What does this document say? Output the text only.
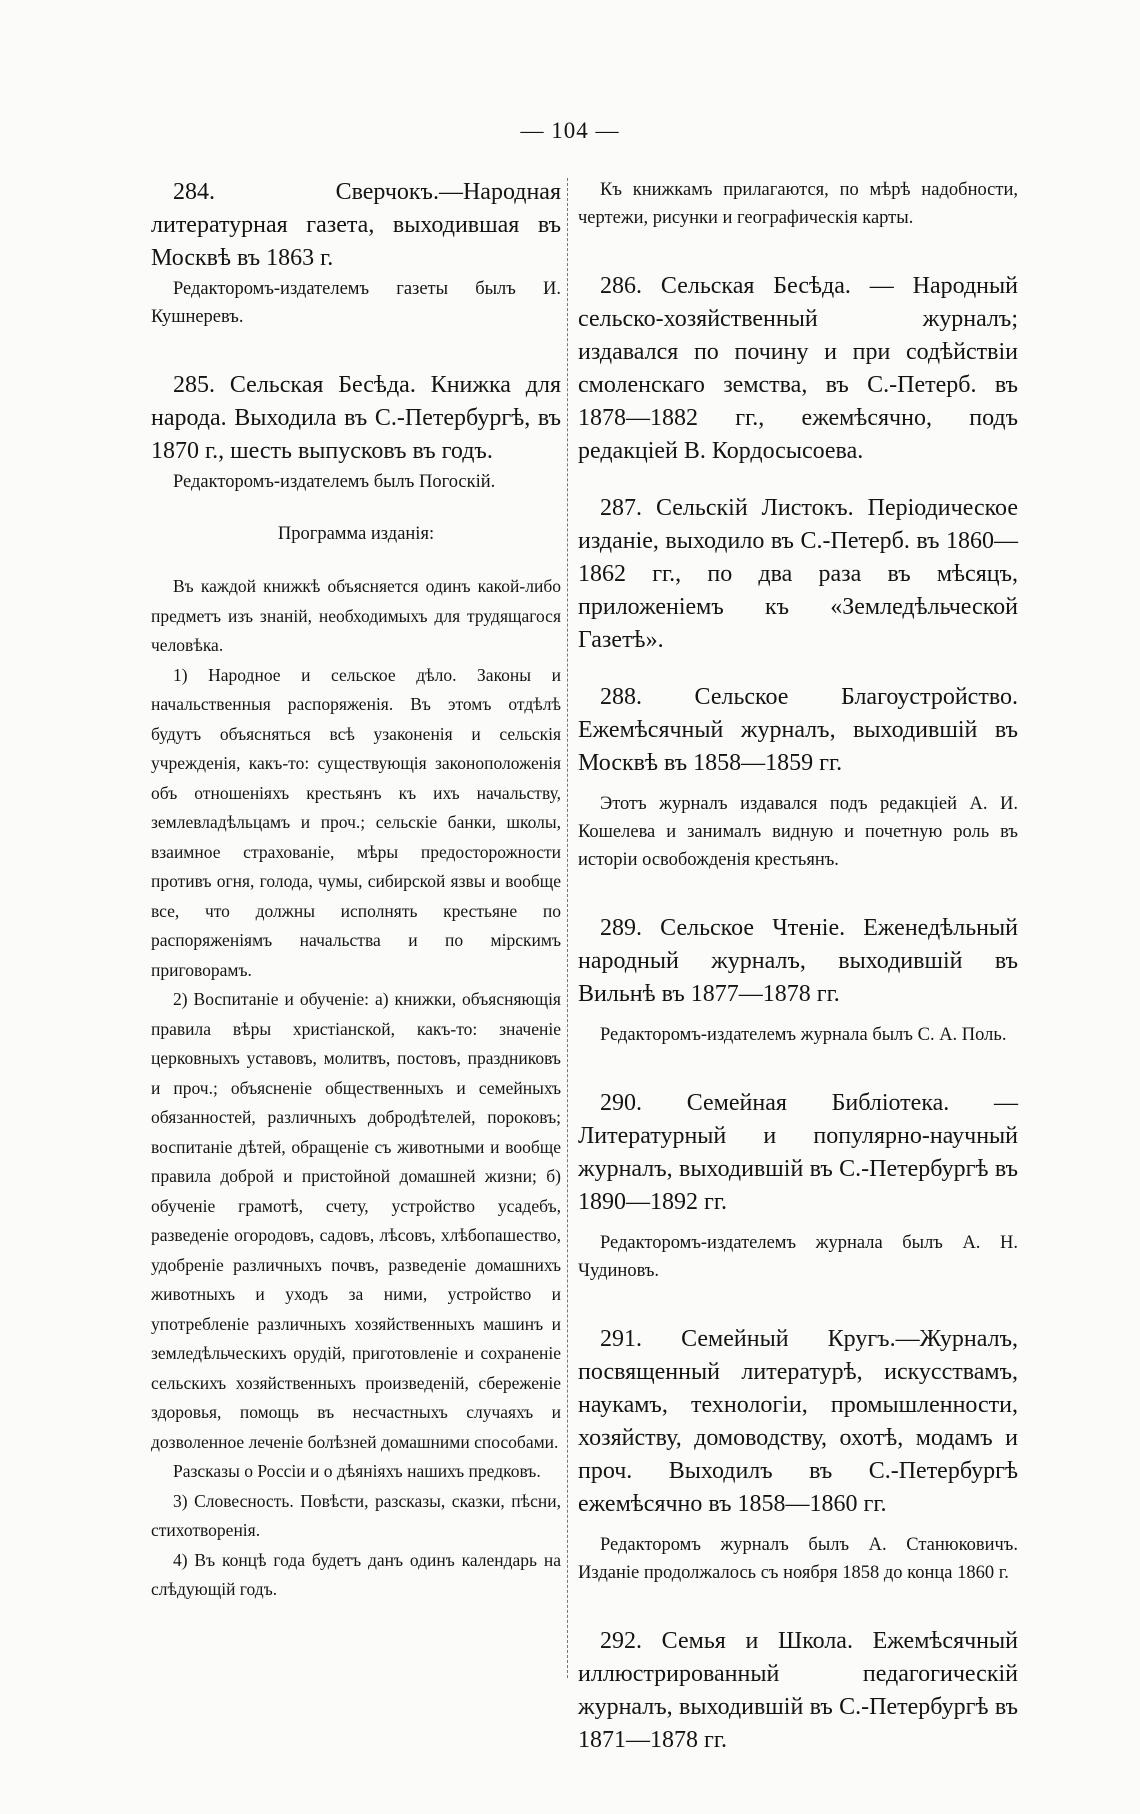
— 104 —

284. Сверчокъ.—Народная литературная газета, выходившая въ Москвѣ въ 1863 г.

Редакторомъ-издателемъ газеты былъ И. Кушнеревъ.

285. Сельская Бесѣда. Книжка для народа. Выходила въ С.-Петербургѣ, въ 1870 г., шесть выпусковъ въ годъ.

Редакторомъ-издателемъ былъ Погоскій.

Программа изданія:

Въ каждой книжкѣ объясняется одинъ какой-либо предметъ изъ знаній, необходимыхъ для трудящагося человѣка.

1) Народное и сельское дѣло. Законы и начальственныя распоряженія. Въ этомъ отдѣлѣ будутъ объясняться всѣ узаконенія и сельскія учрежденія, какъ-то: существующія законоположенія объ отношеніяхъ крестьянъ къ ихъ начальству, землевладѣльцамъ и проч.; сельскіе банки, школы, взаимное страхованіе, мѣры предосторожности противъ огня, голода, чумы, сибирской язвы и вообще все, что должны исполнять крестьяне по распоряженіямъ начальства и по мірскимъ приговорамъ.

2) Воспитаніе и обученіе: а) книжки, объясняющія правила вѣры христіанской, какъ-то: значеніе церковныхъ уставовъ, молитвъ, постовъ, праздниковъ и проч.; объясненіе общественныхъ и семейныхъ обязанностей, различныхъ добродѣтелей, пороковъ; воспитаніе дѣтей, обращеніе съ животными и вообще правила доброй и пристойной домашней жизни; б) обученіе грамотѣ, счету, устройство усадебъ, разведеніе огородовъ, садовъ, лѣсовъ, хлѣбопашество, удобреніе различныхъ почвъ, разведеніе домашнихъ животныхъ и уходъ за ними, устройство и употребленіе различныхъ хозяйственныхъ машинъ и земледѣльческихъ орудій, приготовленіе и сохраненіе сельскихъ хозяйственныхъ произведеній, сбереженіе здоровья, помощь въ несчастныхъ случаяхъ и дозволенное леченіе болѣзней домашними способами.

Разсказы о Россіи и о дѣяніяхъ нашихъ предковъ.

3) Словесность. Повѣсти, разсказы, сказки, пѣсни, стихотворенія.

4) Въ концѣ года будетъ данъ одинъ календарь на слѣдующій годъ.

Къ книжкамъ прилагаются, по мѣрѣ надобности, чертежи, рисунки и географическія карты.

286. Сельская Бесѣда. — Народный сельско-хозяйственный журналъ; издавался по почину и при содѣйствіи смоленскаго земства, въ С.-Петерб. въ 1878—1882 гг., ежемѣсячно, подъ редакціей В. Кордосысоева.

287. Сельскій Листокъ. Періодическое изданіе, выходило въ С.-Петерб. въ 1860—1862 гг., по два раза въ мѣсяцъ, приложеніемъ къ «Земледѣльческой Газетѣ».

288. Сельское Благоустройство. Ежемѣсячный журналъ, выходившій въ Москвѣ въ 1858—1859 гг.

Этотъ журналъ издавался подъ редакціей А. И. Кошелева и занималъ видную и почетную роль въ исторіи освобожденія крестьянъ.

289. Сельское Чтеніе. Еженедѣльный народный журналъ, выходившій въ Вильнѣ въ 1877—1878 гг.

Редакторомъ-издателемъ журнала былъ С. А. Поль.

290. Семейная Библіотека. — Литературный и популярно-научный журналъ, выходившій въ С.-Петербургѣ въ 1890—1892 гг.

Редакторомъ-издателемъ журнала былъ А. Н. Чудиновъ.

291. Семейный Кругъ.—Журналъ, посвященный литературѣ, искусствамъ, наукамъ, технологіи, промышленности, хозяйству, домоводству, охотѣ, модамъ и проч. Выходилъ въ С.-Петербургѣ ежемѣсячно въ 1858—1860 гг.

Редакторомъ журналъ былъ А. Станюковичъ. Изданіе продолжалось съ ноября 1858 до конца 1860 г.

292. Семья и Школа. Ежемѣсячный иллюстрированный педагогическій журналъ, выходившій въ С.-Петербургѣ въ 1871—1878 гг.
